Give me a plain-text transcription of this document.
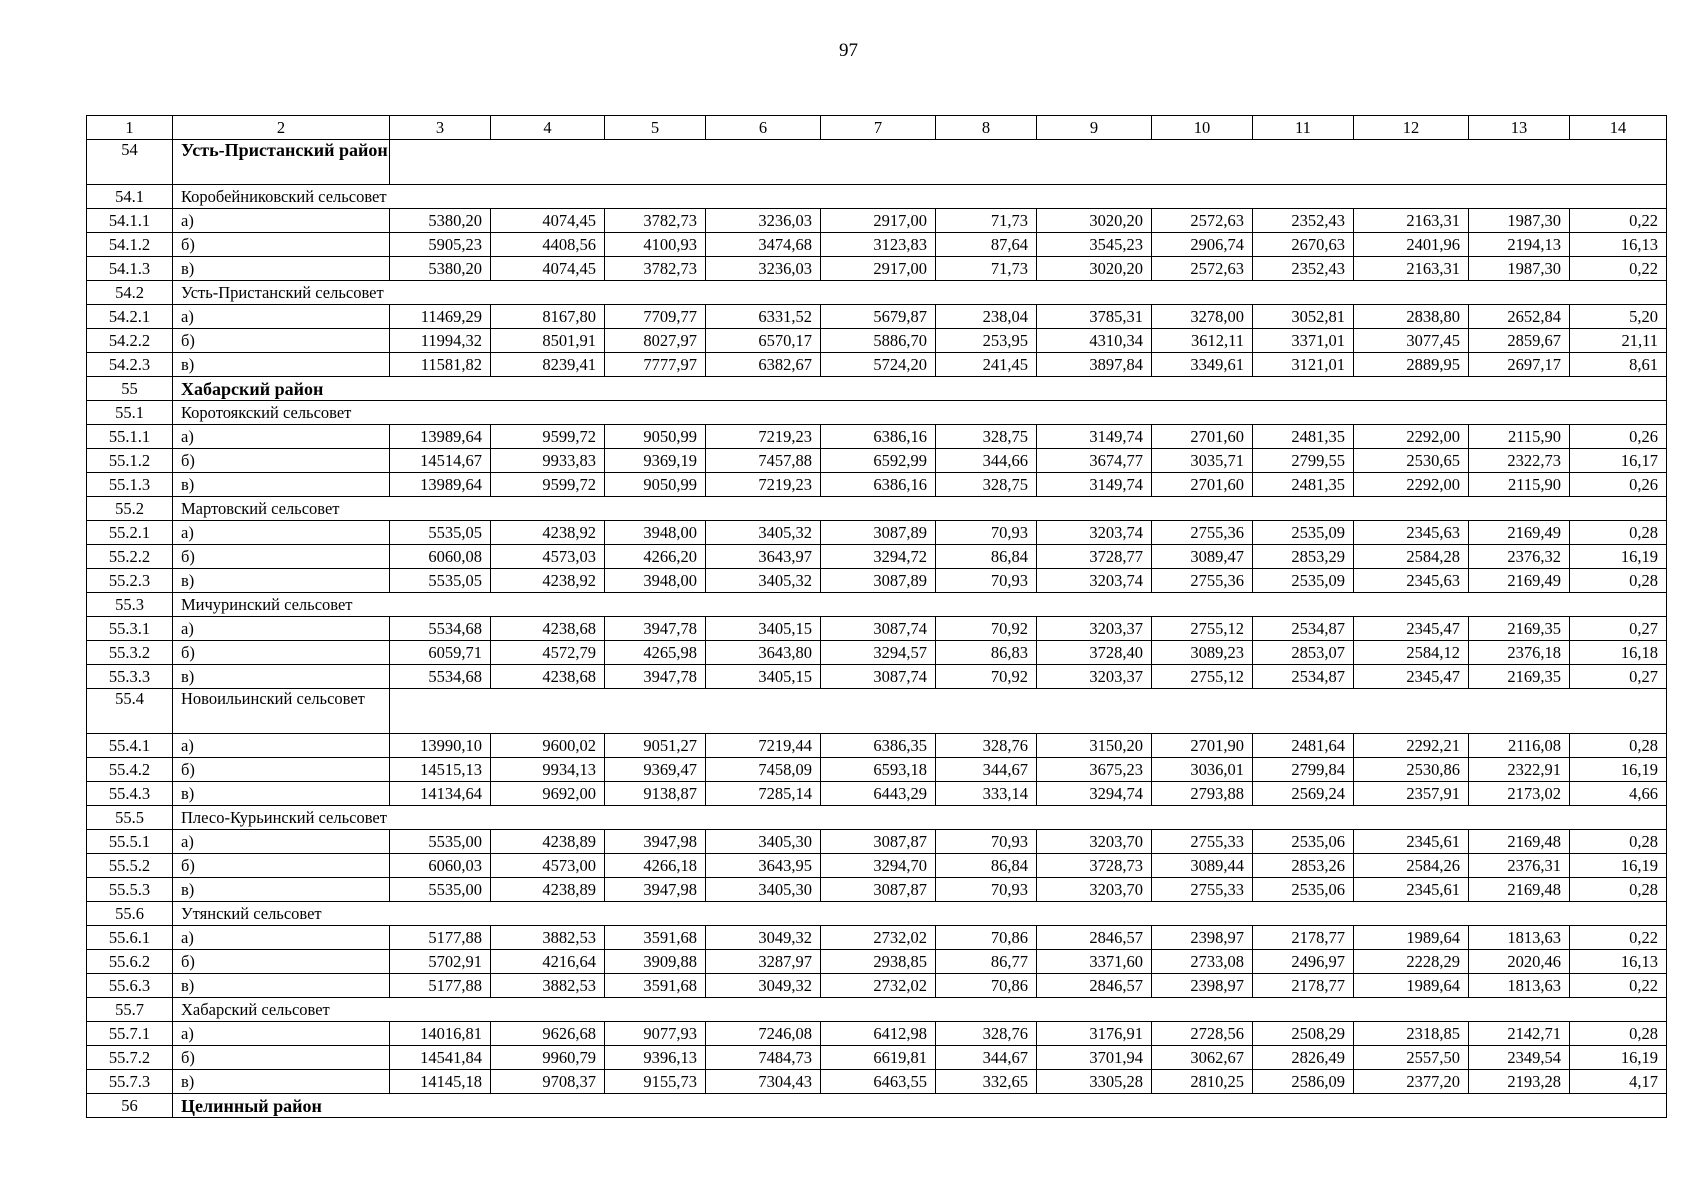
97
1	2	3	4	5	6	7	8	9	10	11	12	13	14
54	Усть-Пристанский район												
54.1	Коробейниковский сельсовет												
54.1.1	а)	5380,20	4074,45	3782,73	3236,03	2917,00	71,73	3020,20	2572,63	2352,43	2163,31	1987,30	0,22
54.1.2	б)	5905,23	4408,56	4100,93	3474,68	3123,83	87,64	3545,23	2906,74	2670,63	2401,96	2194,13	16,13
54.1.3	в)	5380,20	4074,45	3782,73	3236,03	2917,00	71,73	3020,20	2572,63	2352,43	2163,31	1987,30	0,22
54.2	Усть-Пристанский сельсовет												
54.2.1	а)	11469,29	8167,80	7709,77	6331,52	5679,87	238,04	3785,31	3278,00	3052,81	2838,80	2652,84	5,20
54.2.2	б)	11994,32	8501,91	8027,97	6570,17	5886,70	253,95	4310,34	3612,11	3371,01	3077,45	2859,67	21,11
54.2.3	в)	11581,82	8239,41	7777,97	6382,67	5724,20	241,45	3897,84	3349,61	3121,01	2889,95	2697,17	8,61
55	Хабарский район												
55.1	Коротоякский сельсовет												
55.1.1	а)	13989,64	9599,72	9050,99	7219,23	6386,16	328,75	3149,74	2701,60	2481,35	2292,00	2115,90	0,26
55.1.2	б)	14514,67	9933,83	9369,19	7457,88	6592,99	344,66	3674,77	3035,71	2799,55	2530,65	2322,73	16,17
55.1.3	в)	13989,64	9599,72	9050,99	7219,23	6386,16	328,75	3149,74	2701,60	2481,35	2292,00	2115,90	0,26
55.2	Мартовский сельсовет												
55.2.1	а)	5535,05	4238,92	3948,00	3405,32	3087,89	70,93	3203,74	2755,36	2535,09	2345,63	2169,49	0,28
55.2.2	б)	6060,08	4573,03	4266,20	3643,97	3294,72	86,84	3728,77	3089,47	2853,29	2584,28	2376,32	16,19
55.2.3	в)	5535,05	4238,92	3948,00	3405,32	3087,89	70,93	3203,74	2755,36	2535,09	2345,63	2169,49	0,28
55.3	Мичуринский сельсовет												
55.3.1	а)	5534,68	4238,68	3947,78	3405,15	3087,74	70,92	3203,37	2755,12	2534,87	2345,47	2169,35	0,27
55.3.2	б)	6059,71	4572,79	4265,98	3643,80	3294,57	86,83	3728,40	3089,23	2853,07	2584,12	2376,18	16,18
55.3.3	в)	5534,68	4238,68	3947,78	3405,15	3087,74	70,92	3203,37	2755,12	2534,87	2345,47	2169,35	0,27
55.4	Новоильинский сельсовет												
55.4.1	а)	13990,10	9600,02	9051,27	7219,44	6386,35	328,76	3150,20	2701,90	2481,64	2292,21	2116,08	0,28
55.4.2	б)	14515,13	9934,13	9369,47	7458,09	6593,18	344,67	3675,23	3036,01	2799,84	2530,86	2322,91	16,19
55.4.3	в)	14134,64	9692,00	9138,87	7285,14	6443,29	333,14	3294,74	2793,88	2569,24	2357,91	2173,02	4,66
55.5	Плесо-Курьинский сельсовет												
55.5.1	а)	5535,00	4238,89	3947,98	3405,30	3087,87	70,93	3203,70	2755,33	2535,06	2345,61	2169,48	0,28
55.5.2	б)	6060,03	4573,00	4266,18	3643,95	3294,70	86,84	3728,73	3089,44	2853,26	2584,26	2376,31	16,19
55.5.3	в)	5535,00	4238,89	3947,98	3405,30	3087,87	70,93	3203,70	2755,33	2535,06	2345,61	2169,48	0,28
55.6	Утянский сельсовет												
55.6.1	а)	5177,88	3882,53	3591,68	3049,32	2732,02	70,86	2846,57	2398,97	2178,77	1989,64	1813,63	0,22
55.6.2	б)	5702,91	4216,64	3909,88	3287,97	2938,85	86,77	3371,60	2733,08	2496,97	2228,29	2020,46	16,13
55.6.3	в)	5177,88	3882,53	3591,68	3049,32	2732,02	70,86	2846,57	2398,97	2178,77	1989,64	1813,63	0,22
55.7	Хабарский сельсовет												
55.7.1	а)	14016,81	9626,68	9077,93	7246,08	6412,98	328,76	3176,91	2728,56	2508,29	2318,85	2142,71	0,28
55.7.2	б)	14541,84	9960,79	9396,13	7484,73	6619,81	344,67	3701,94	3062,67	2826,49	2557,50	2349,54	16,19
55.7.3	в)	14145,18	9708,37	9155,73	7304,43	6463,55	332,65	3305,28	2810,25	2586,09	2377,20	2193,28	4,17
56	Целинный район												
